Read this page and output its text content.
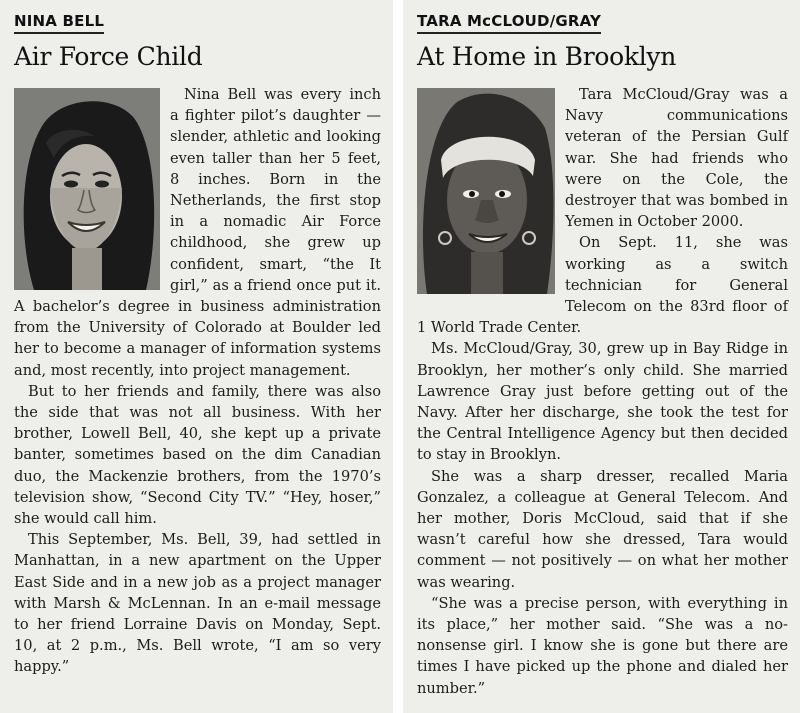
NINA BELL
Air Force Child

Nina Bell was every inch a fighter pilot’s daughter — slender, athletic and looking even taller than her 5 feet, 8 inches. Born in the Netherlands, the first stop in a nomadic Air Force childhood, she grew up confident, smart, “the It girl,” as a friend once put it. A bachelor’s degree in business administration from the University of Colorado at Boulder led her to become a manager of information systems and, most recently, into project management.

But to her friends and family, there was also the side that was not all business. With her brother, Lowell Bell, 40, she kept up a private banter, sometimes based on the dim Canadian duo, the Mackenzie brothers, from the 1970’s television show, “Second City TV.” “Hey, hoser,” she would call him.

This September, Ms. Bell, 39, had settled in Manhattan, in a new apartment on the Upper East Side and in a new job as a project manager with Marsh & McLennan. In an e-mail message to her friend Lorraine Davis on Monday, Sept. 10, at 2 p.m., Ms. Bell wrote, “I am so very happy.”

TARA McCLOUD/GRAY
At Home in Brooklyn

Tara McCloud/Gray was a Navy communications veteran of the Persian Gulf war. She had friends who were on the Cole, the destroyer that was bombed in Yemen in October 2000.

On Sept. 11, she was working as a switch technician for General Telecom on the 83rd floor of 1 World Trade Center.

Ms. McCloud/Gray, 30, grew up in Bay Ridge in Brooklyn, her mother’s only child. She married Lawrence Gray just before getting out of the Navy. After her discharge, she took the test for the Central Intelligence Agency but then decided to stay in Brooklyn.

She was a sharp dresser, recalled Maria Gonzalez, a colleague at General Telecom. And her mother, Doris McCloud, said that if she wasn’t careful how she dressed, Tara would comment — not positively — on what her mother was wearing.

“She was a precise person, with everything in its place,” her mother said. “She was a no-nonsense girl. I know she is gone but there are times I have picked up the phone and dialed her number.”
